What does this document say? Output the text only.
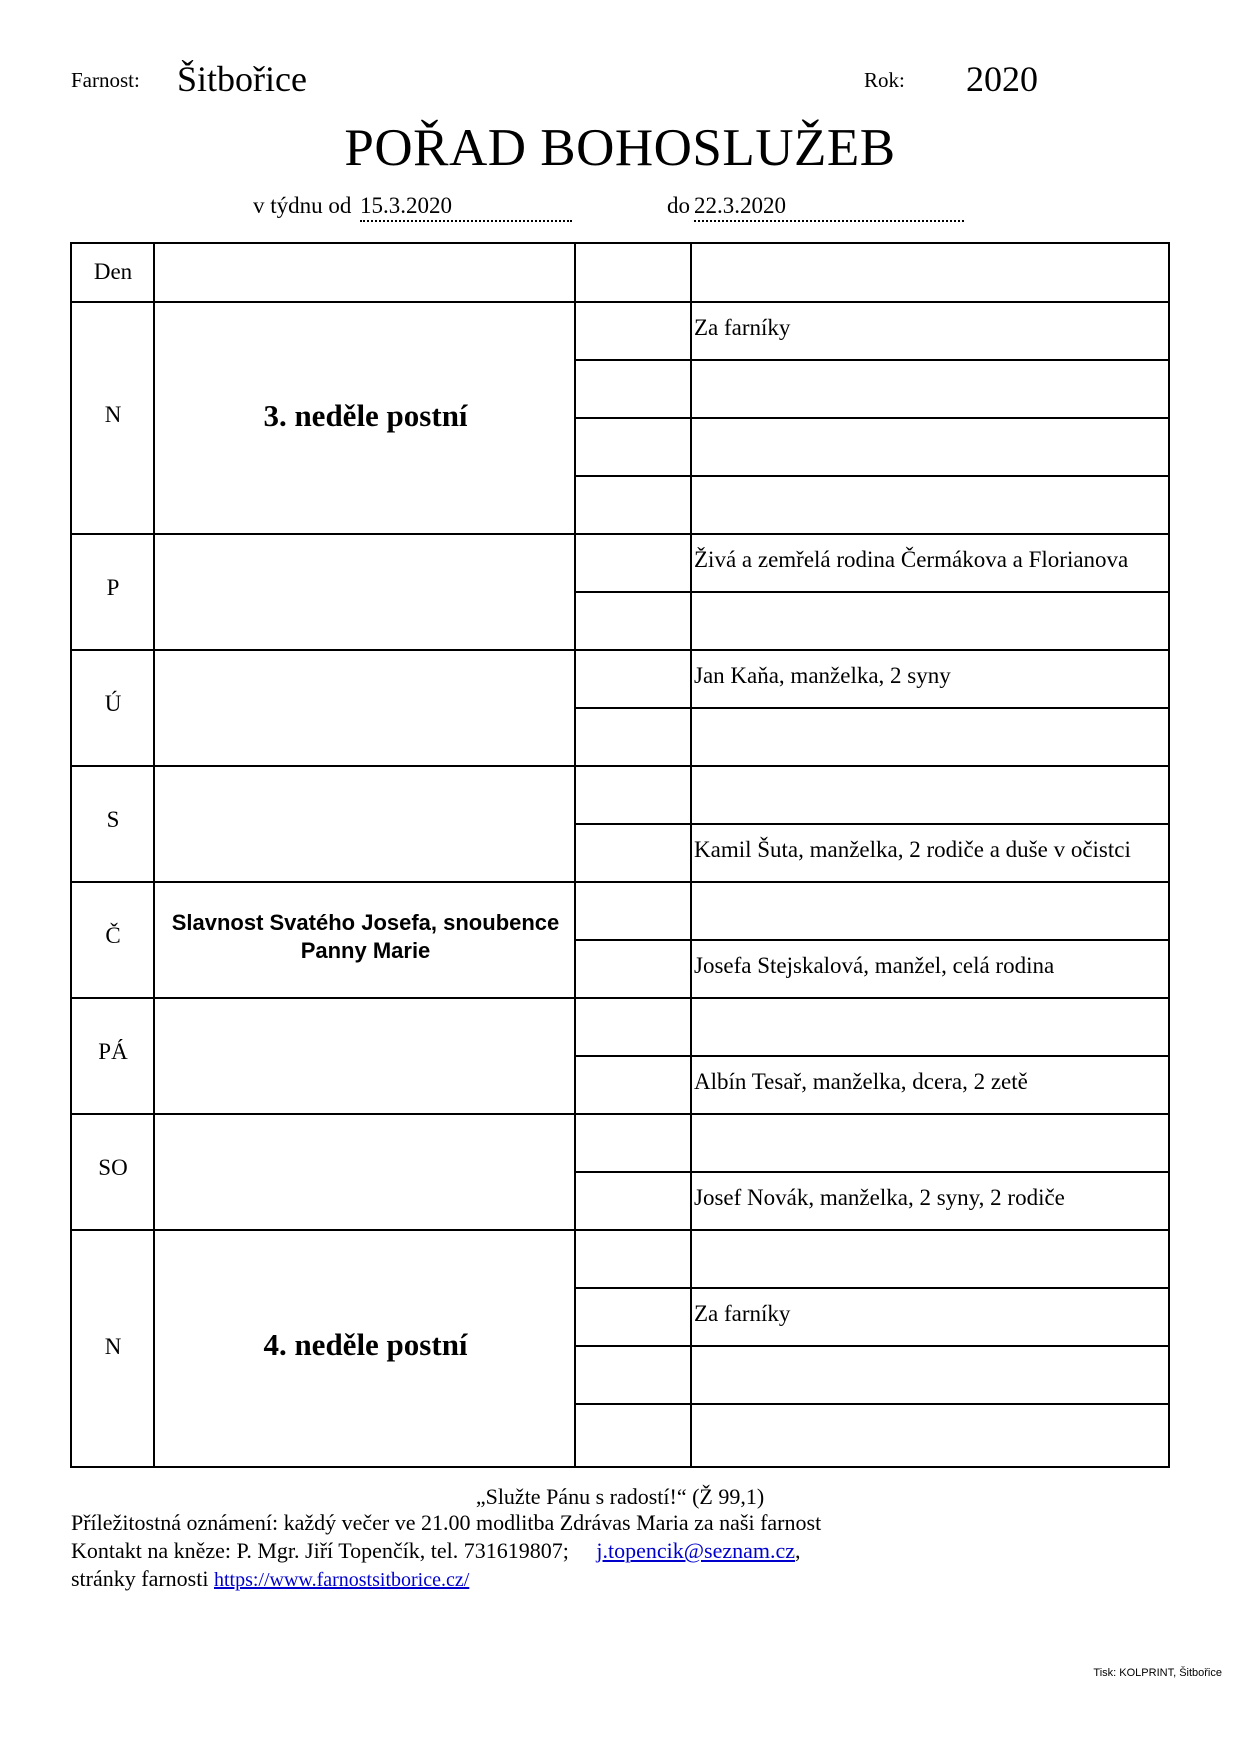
Farnost: Šitbořice	Rok: 2020
POŘAD BOHOSLUŽEB
v týdnu od 15.3.2020	do 22.3.2020
Den
N
P
Ú
S
Č
PÁ
SO
N
3. neděle postní
Slavnost Svatého Josefa, snoubence
Panny Marie
4. neděle postní
Za farníky
Živá a zemřelá rodina Čermákova a Florianova
Jan Kaňa, manželka, 2 syny
Kamil Šuta, manželka, 2 rodiče a duše v očistci
Josefa Stejskalová, manžel, celá rodina
Albín Tesař, manželka, dcera, 2 zetě
Josef Novák, manželka, 2 syny, 2 rodiče
Za farníky
„Služte Pánu s radostí!“ (Ž 99,1)
Příležitostná oznámení: každý večer ve 21.00 modlitba Zdrávas Maria za naši farnost
Kontakt na kněze: P. Mgr. Jiří Topenčík, tel. 731619807; j.topencik@seznam.cz,
stránky farnosti https://www.farnostsitborice.cz/
Tisk: KOLPRINT, Šitbořice
